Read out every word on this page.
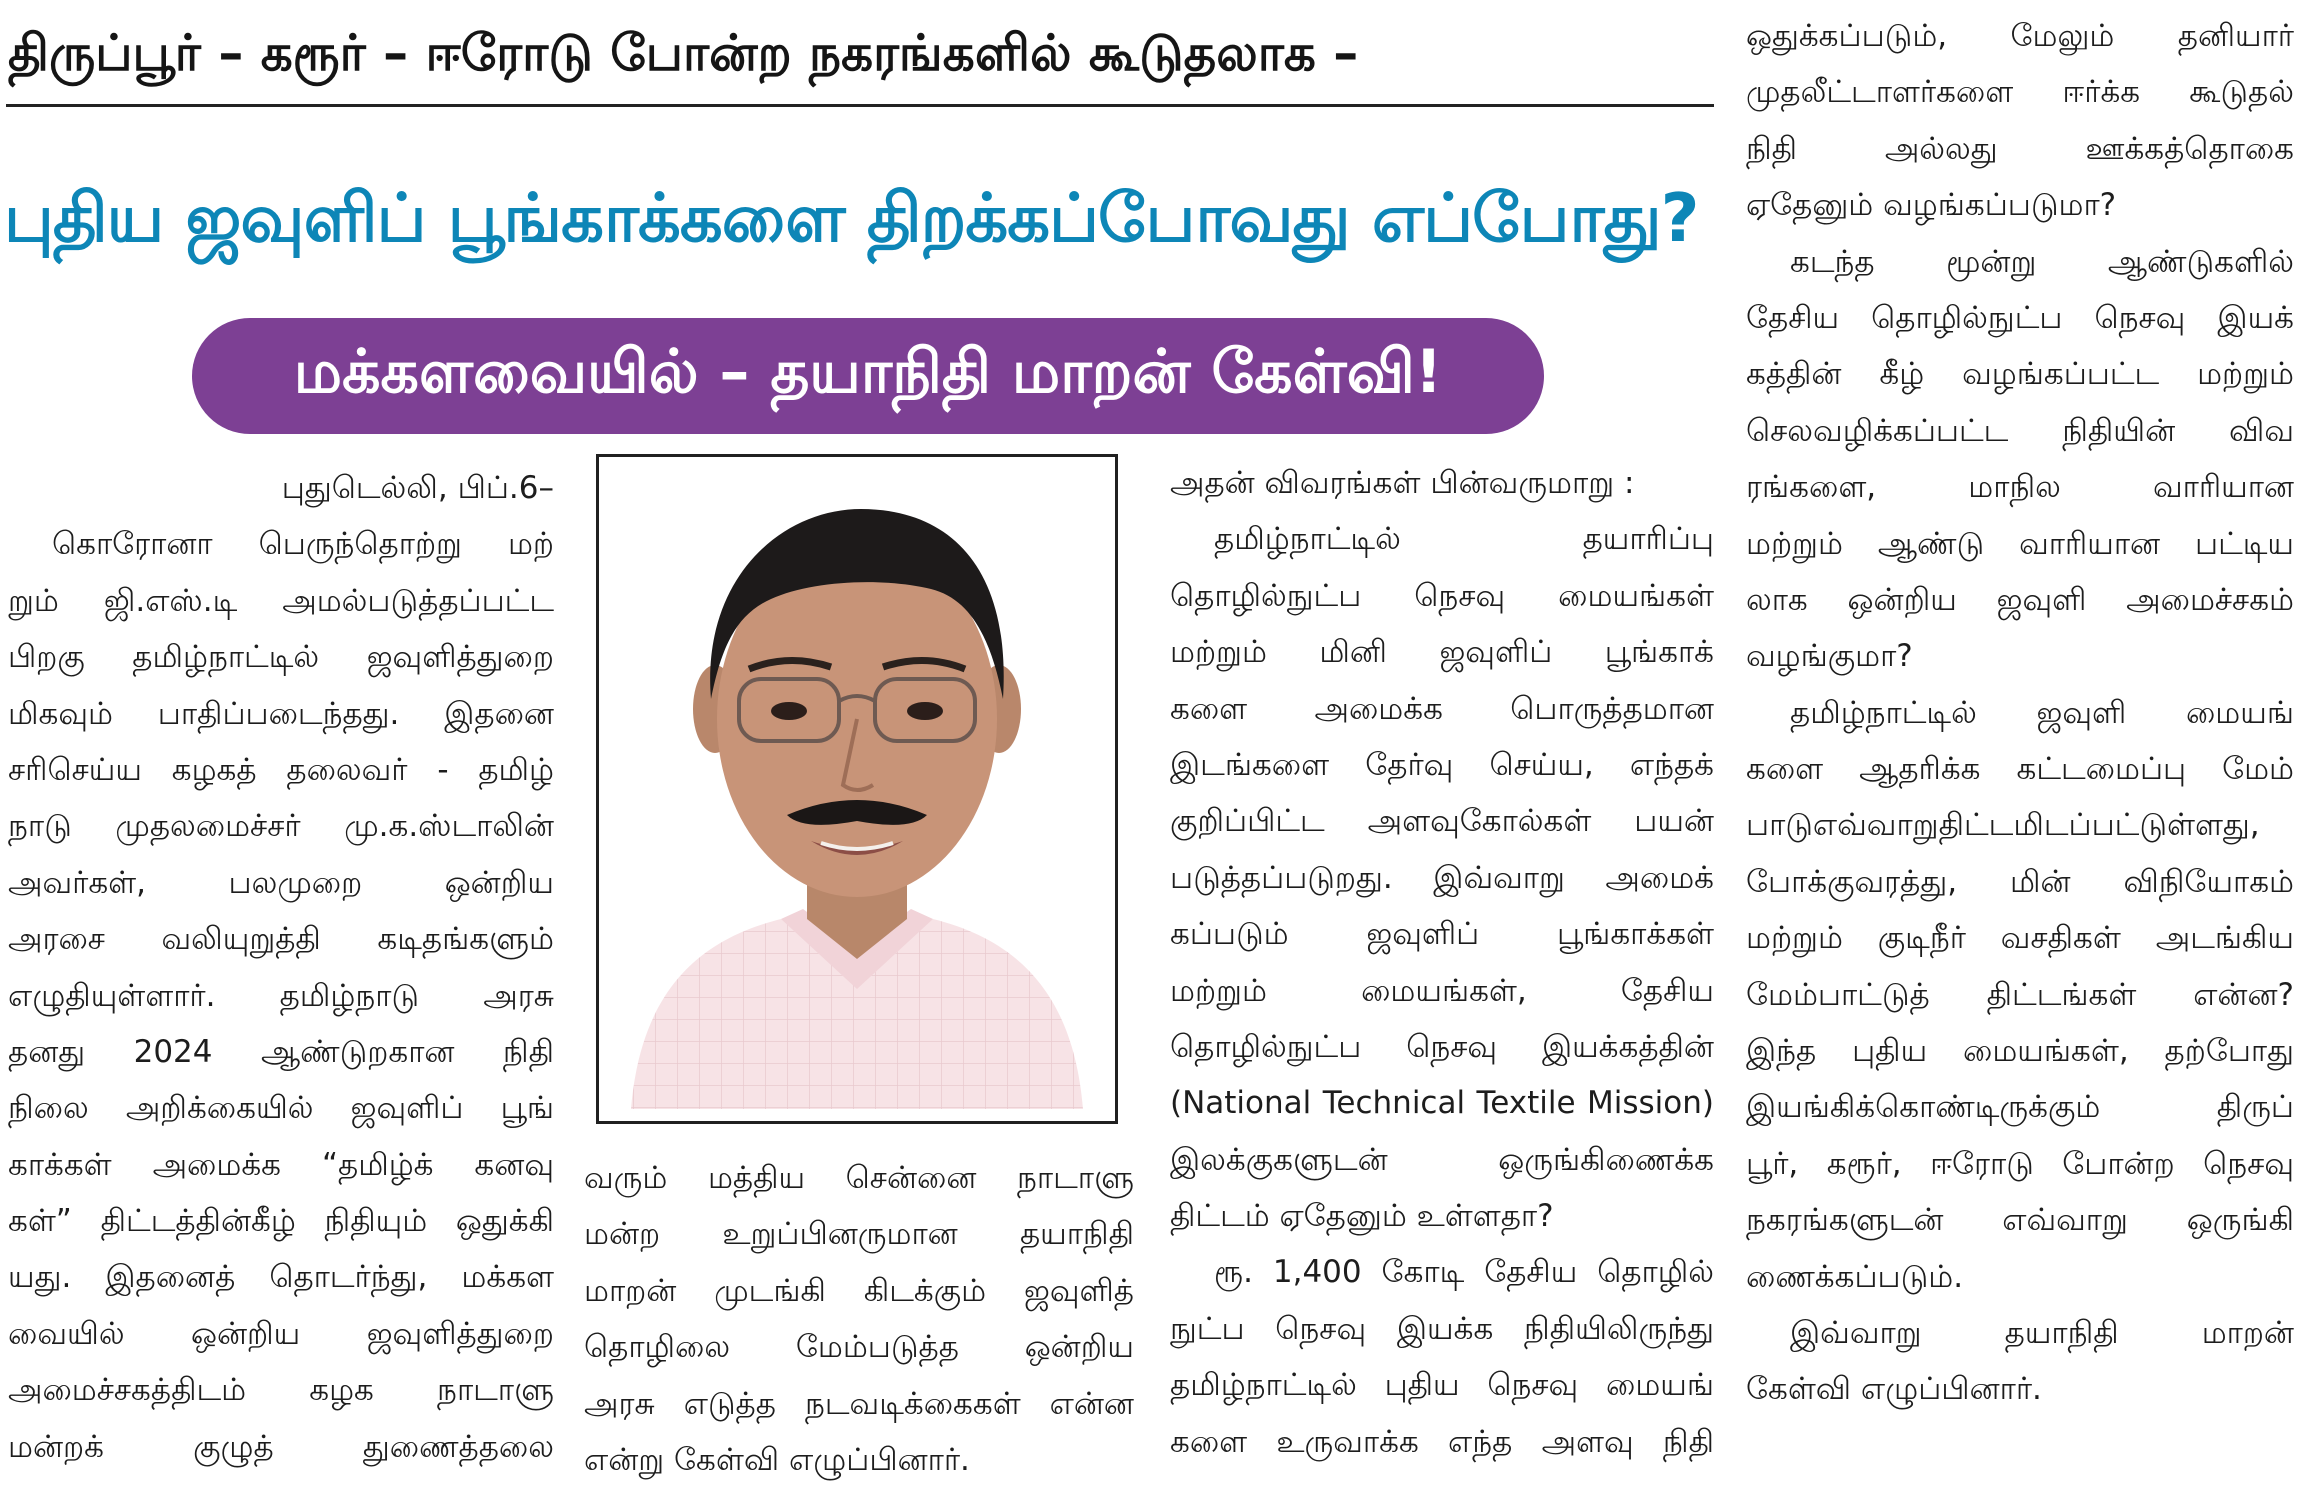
திருப்பூர் – கரூர் – ஈரோடு போன்ற நகரங்களில் கூடுதலாக –
புதிய ஜவுளிப் பூங்காக்களை திறக்கப்போவது எப்போது?
மக்களவையில் – தயாநிதி மாறன் கேள்வி!
புதுடெல்லி, பிப்.6–
கொரோனா பெருந்தொற்று மற்
றும் ஜி.எஸ்.டி அமல்படுத்தப்பட்ட
பிறகு தமிழ்நாட்டில் ஜவுளித்துறை
மிகவும் பாதிப்படைந்தது. இதனை
சரிசெய்ய கழகத் தலைவர் - தமிழ்
நாடு முதலமைச்சர் மு.க.ஸ்டாலின்
அவர்கள், பலமுறை ஒன்றிய
அரசை வலியுறுத்தி கடிதங்களும்
எழுதியுள்ளார். தமிழ்நாடு அரசு
தனது 2024 ஆண்டுறகான நிதி
நிலை அறிக்கையில் ஜவுளிப் பூங்
காக்கள் அமைக்க “தமிழ்க் கனவு
கள்” திட்டத்தின்கீழ் நிதியும் ஒதுக்கி
யது. இதனைத் தொடர்ந்து, மக்கள
வையில் ஒன்றிய ஜவுளித்துறை
அமைச்சகத்திடம் கழக நாடாளு
மன்றக் குழுத் துணைத்தலை
வரும் மத்திய சென்னை நாடாளு
மன்ற உறுப்பினருமான தயாநிதி
மாறன் முடங்கி கிடக்கும் ஜவுளித்
தொழிலை மேம்படுத்த ஒன்றிய
அரசு எடுத்த நடவடிக்கைகள் என்ன
என்று கேள்வி எழுப்பினார்.
அதன் விவரங்கள் பின்வருமாறு :
தமிழ்நாட்டில் தயாரிப்பு
தொழில்நுட்ப நெசவு மையங்கள்
மற்றும் மினி ஜவுளிப் பூங்காக்
களை அமைக்க பொருத்தமான
இடங்களை தேர்வு செய்ய, எந்தக்
குறிப்பிட்ட அளவுகோல்கள் பயன்
படுத்தப்படுறது. இவ்வாறு அமைக்
கப்படும் ஜவுளிப் பூங்காக்கள்
மற்றும் மையங்கள், தேசிய
தொழில்நுட்ப நெசவு இயக்கத்தின்
(National Technical Textile Mission)
இலக்குகளுடன் ஒருங்கிணைக்க
திட்டம் ஏதேனும் உள்ளதா?
ரூ. 1,400 கோடி தேசிய தொழில்
நுட்ப நெசவு இயக்க நிதியிலிருந்து
தமிழ்நாட்டில் புதிய நெசவு மையங்
களை உருவாக்க எந்த அளவு நிதி
ஒதுக்கப்படும், மேலும் தனியார்
முதலீட்டாளர்களை ஈர்க்க கூடுதல்
நிதி அல்லது ஊக்கத்தொகை
ஏதேனும் வழங்கப்படுமா?
கடந்த மூன்று ஆண்டுகளில்
தேசிய தொழில்நுட்ப நெசவு இயக்
கத்தின் கீழ் வழங்கப்பட்ட மற்றும்
செலவழிக்கப்பட்ட நிதியின் விவ
ரங்களை, மாநில வாரியான
மற்றும் ஆண்டு வாரியான பட்டிய
லாக ஒன்றிய ஜவுளி அமைச்சகம்
வழங்குமா?
தமிழ்நாட்டில் ஜவுளி மையங்
களை ஆதரிக்க கட்டமைப்பு மேம்
பாடுஎவ்வாறுதிட்டமிடப்பட்டுள்ளது,
போக்குவரத்து, மின் விநியோகம்
மற்றும் குடிநீர் வசதிகள் அடங்கிய
மேம்பாட்டுத் திட்டங்கள் என்ன?
இந்த புதிய மையங்கள், தற்போது
இயங்கிக்கொண்டிருக்கும் திருப்
பூர், கரூர், ஈரோடு போன்ற நெசவு
நகரங்களுடன் எவ்வாறு ஒருங்கி
ணைக்கப்படும்.
இவ்வாறு தயாநிதி மாறன்
கேள்வி எழுப்பினார்.
